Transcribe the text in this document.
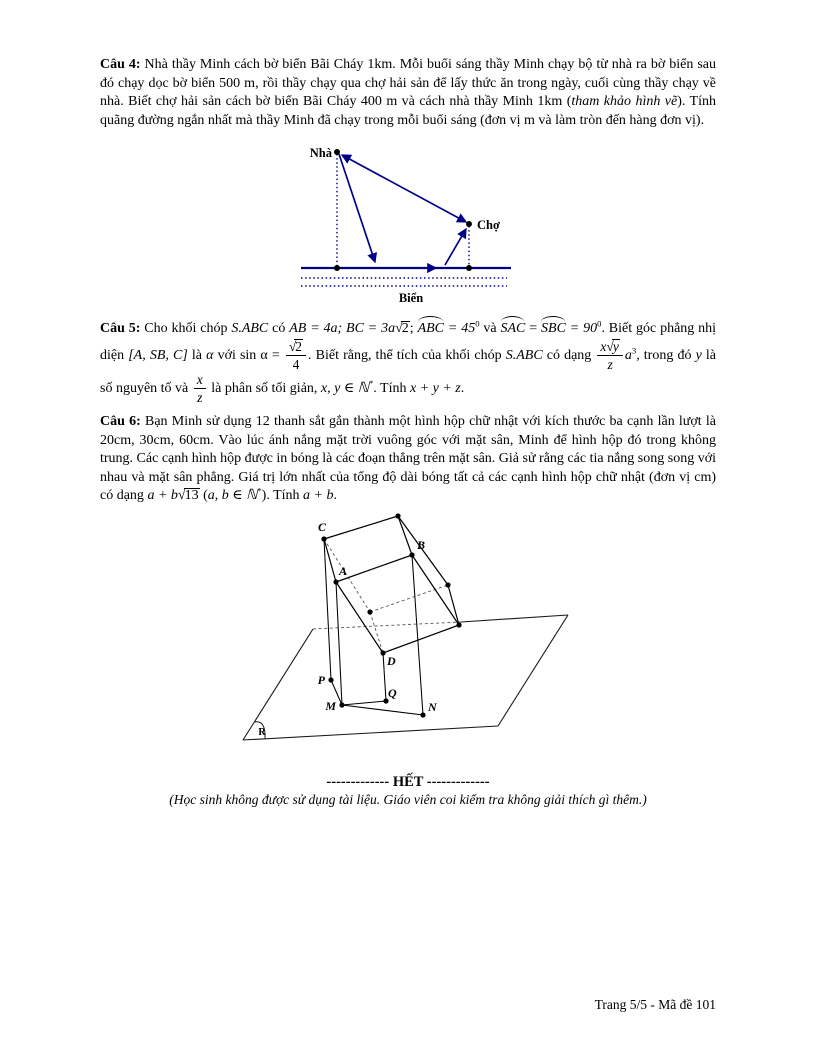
Câu 4: Nhà thầy Minh cách bờ biển Bãi Cháy 1km. Mỗi buổi sáng thầy Minh chạy bộ từ nhà ra bờ biển sau đó chạy dọc bờ biển 500 m, rồi thầy chạy qua chợ hải sản để lấy thức ăn trong ngày, cuối cùng thầy chạy về nhà. Biết chợ hải sản cách bờ biển Bãi Cháy 400 m và cách nhà thầy Minh 1km (tham khảo hình vẽ). Tính quãng đường ngắn nhất mà thầy Minh đã chạy trong mỗi buổi sáng (đơn vị m và làm tròn đến hàng đơn vị).

Nhà
Chợ
Biển

Câu 5: Cho khối chóp S.ABC có AB = 4a; BC = 3a√2; ABC = $45^0$ và SAC = SBC = $90^0$. Biết góc phẳng nhị diện [A, SB, C] là α với $\sin \alpha = \frac{√2}{4}$ . Biết rằng, thể tích của khối chóp S.ABC có dạng $\frac{x√y}{z} a^3$, trong đó y là số nguyên tố và $\frac{x}{z}$ là phân số tối giản, x, y ∈ ℕ*. Tính x + y + z.

Câu 6: Bạn Minh sử dụng 12 thanh sắt gắn thành một hình hộp chữ nhật với kích thước ba cạnh lần lượt là 20cm, 30cm, 60cm. Vào lúc ánh nắng mặt trời vuông góc với mặt sân, Minh để hình hộp đó trong không trung. Các cạnh hình hộp được in bóng là các đoạn thẳng trên mặt sân. Giả sử rằng các tia nắng song song với nhau và mặt sân phẳng. Giá trị lớn nhất của tổng độ dài bóng tất cả các cạnh hình hộp chữ nhật (đơn vị cm) có dạng a + b√13 (a, b ∈ ℕ*). Tính a + b.

C
B
A
D
P
Q
M	N
R
------------- HẾT -------------
(Học sinh không được sử dụng tài liệu. Giáo viên coi kiểm tra không giải thích gì thêm.)
Trang 5/5 - Mã đề 101
